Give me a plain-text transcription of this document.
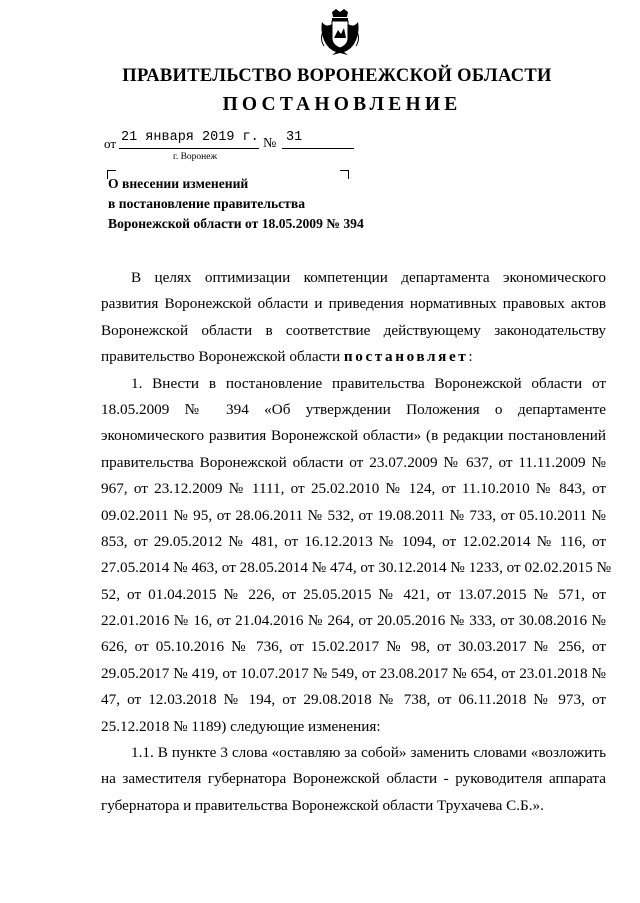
ПРАВИТЕЛЬСТВО ВОРОНЕЖСКОЙ ОБЛАСТИ
ПОСТАНОВЛЕНИЕ
от 21 января 2019 г. № 31
г. Воронеж
О внесении изменений
в постановление правительства
Воронежской области от 18.05.2009 № 394
В целях оптимизации компетенции департамента экономического
развития Воронежской области и приведения нормативных правовых актов
Воронежской области в соответствие действующему законодательству
правительство Воронежской области постановляет:
1. Внести в постановление правительства Воронежской области от
18.05.2009 № 394 «Об утверждении Положения о департаменте
экономического развития Воронежской области» (в редакции постановлений
правительства Воронежской области от 23.07.2009 № 637, от 11.11.2009 №
967, от 23.12.2009 № 1111, от 25.02.2010 № 124, от 11.10.2010 № 843, от
09.02.2011 № 95, от 28.06.2011 № 532, от 19.08.2011 № 733, от 05.10.2011 №
853, от 29.05.2012 № 481, от 16.12.2013 № 1094, от 12.02.2014 № 116, от
27.05.2014 № 463, от 28.05.2014 № 474, от 30.12.2014 № 1233, от 02.02.2015 №
52, от 01.04.2015 № 226, от 25.05.2015 № 421, от 13.07.2015 № 571, от
22.01.2016 № 16, от 21.04.2016 № 264, от 20.05.2016 № 333, от 30.08.2016 №
626, от 05.10.2016 № 736, от 15.02.2017 № 98, от 30.03.2017 № 256, от
29.05.2017 № 419, от 10.07.2017 № 549, от 23.08.2017 № 654, от 23.01.2018 №
47, от 12.03.2018 № 194, от 29.08.2018 № 738, от 06.11.2018 № 973, от
25.12.2018 № 1189) следующие изменения:
1.1. В пункте 3 слова «оставляю за собой» заменить словами «возложить
на заместителя губернатора Воронежской области - руководителя аппарата
губернатора и правительства Воронежской области Трухачева С.Б.».
